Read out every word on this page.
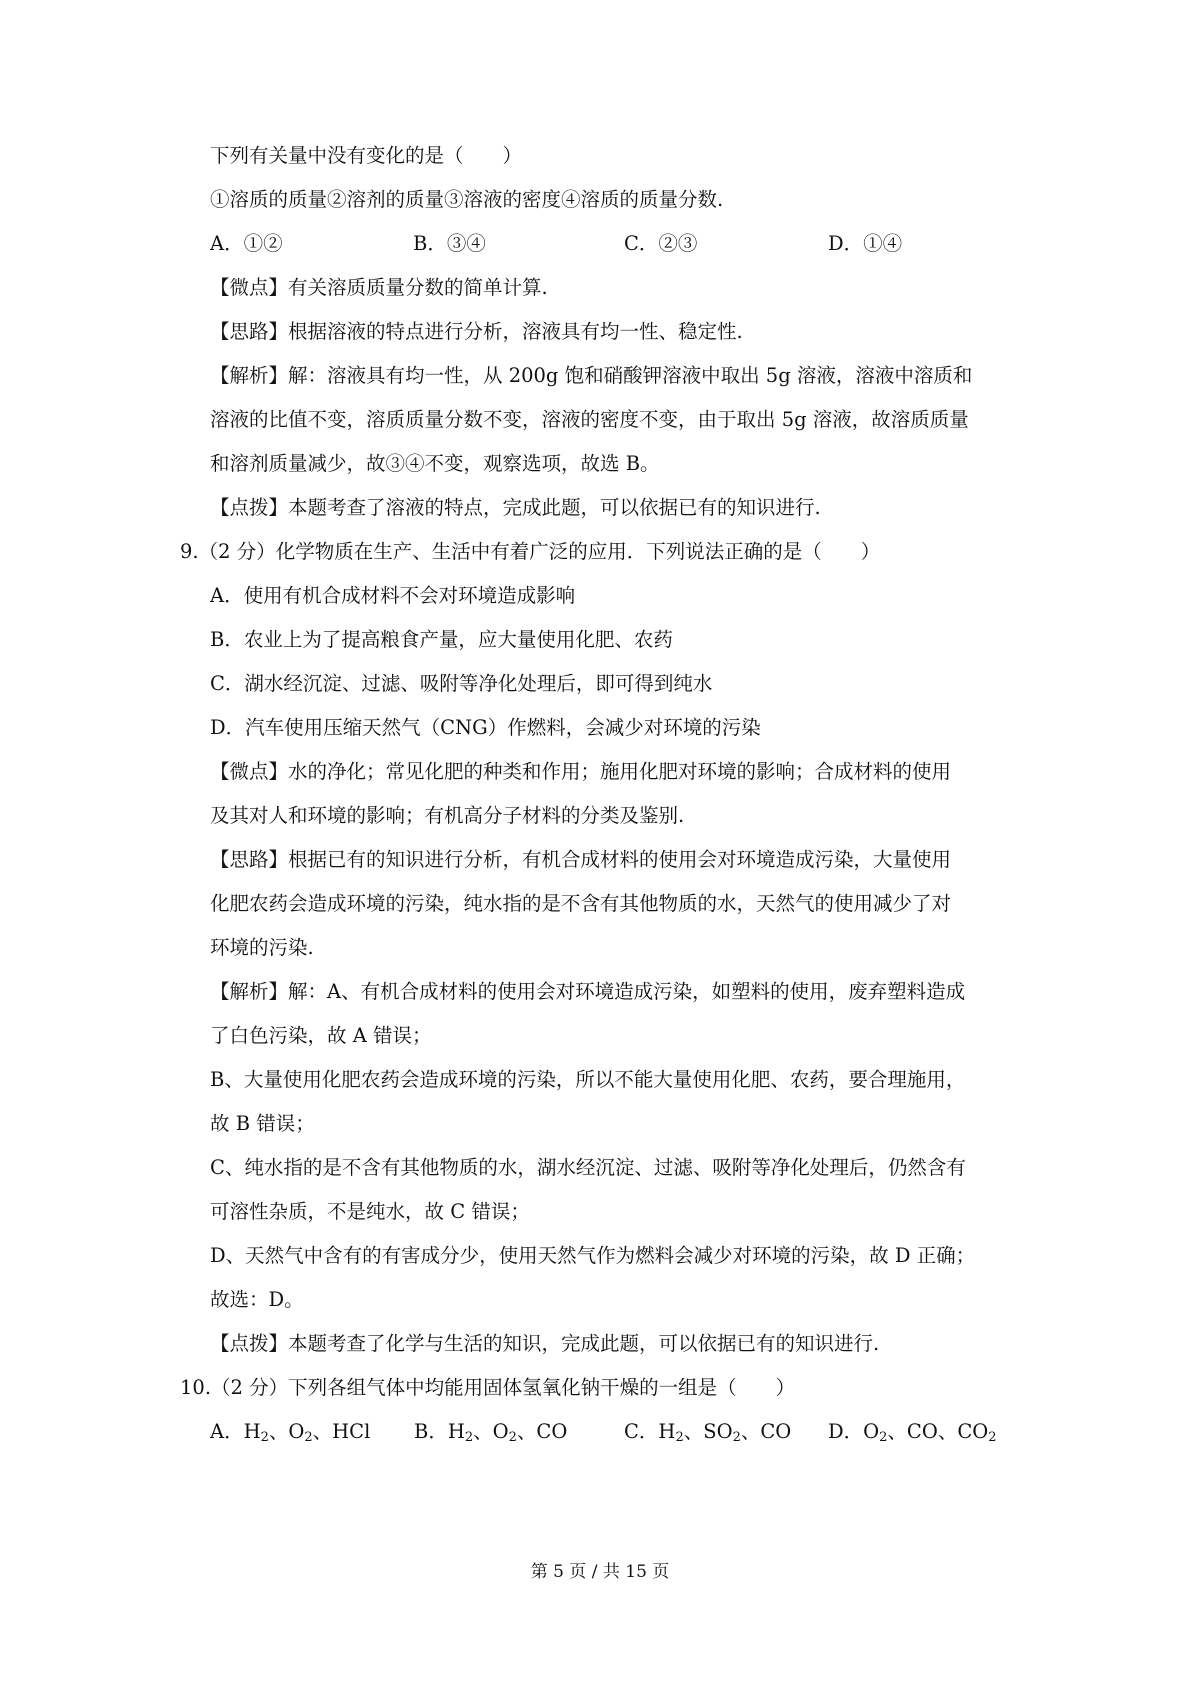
下列有关量中没有变化的是（　　）
①溶质的质量②溶剂的质量③溶液的密度④溶质的质量分数.
A．①②	B．③④	C．②③	D．①④
【微点】有关溶质质量分数的简单计算.
【思路】根据溶液的特点进行分析，溶液具有均一性、稳定性.
【解析】解：溶液具有均一性，从 200g 饱和硝酸钾溶液中取出 5g 溶液，溶液中溶质和
溶液的比值不变，溶质质量分数不变，溶液的密度不变，由于取出 5g 溶液，故溶质质量
和溶剂质量减少，故③④不变，观察选项，故选 B。
【点拨】本题考查了溶液的特点，完成此题，可以依据已有的知识进行.
9.（2 分）化学物质在生产、生活中有着广泛的应用．下列说法正确的是（　　）
A．使用有机合成材料不会对环境造成影响
B．农业上为了提高粮食产量，应大量使用化肥、农药
C．湖水经沉淀、过滤、吸附等净化处理后，即可得到纯水
D．汽车使用压缩天然气（CNG）作燃料，会减少对环境的污染
【微点】水的净化；常见化肥的种类和作用；施用化肥对环境的影响；合成材料的使用
及其对人和环境的影响；有机高分子材料的分类及鉴别.
【思路】根据已有的知识进行分析，有机合成材料的使用会对环境造成污染，大量使用
化肥农药会造成环境的污染，纯水指的是不含有其他物质的水，天然气的使用减少了对
环境的污染.
【解析】解：A、有机合成材料的使用会对环境造成污染，如塑料的使用，废弃塑料造成
了白色污染，故 A 错误；
B、大量使用化肥农药会造成环境的污染，所以不能大量使用化肥、农药，要合理施用，
故 B 错误；
C、纯水指的是不含有其他物质的水，湖水经沉淀、过滤、吸附等净化处理后，仍然含有
可溶性杂质，不是纯水，故 C 错误；
D、天然气中含有的有害成分少，使用天然气作为燃料会减少对环境的污染，故 D 正确；
故选：D。
【点拨】本题考查了化学与生活的知识，完成此题，可以依据已有的知识进行.
10.（2 分）下列各组气体中均能用固体氢氧化钠干燥的一组是（　　）
A．$H_2$、$O_2$、HCl B．$H_2$、$O_2$、CO	C．$H_2$、$SO_2$、CO D．$O_2$、CO、$CO_2$
第 5 页 / 共 15 页
